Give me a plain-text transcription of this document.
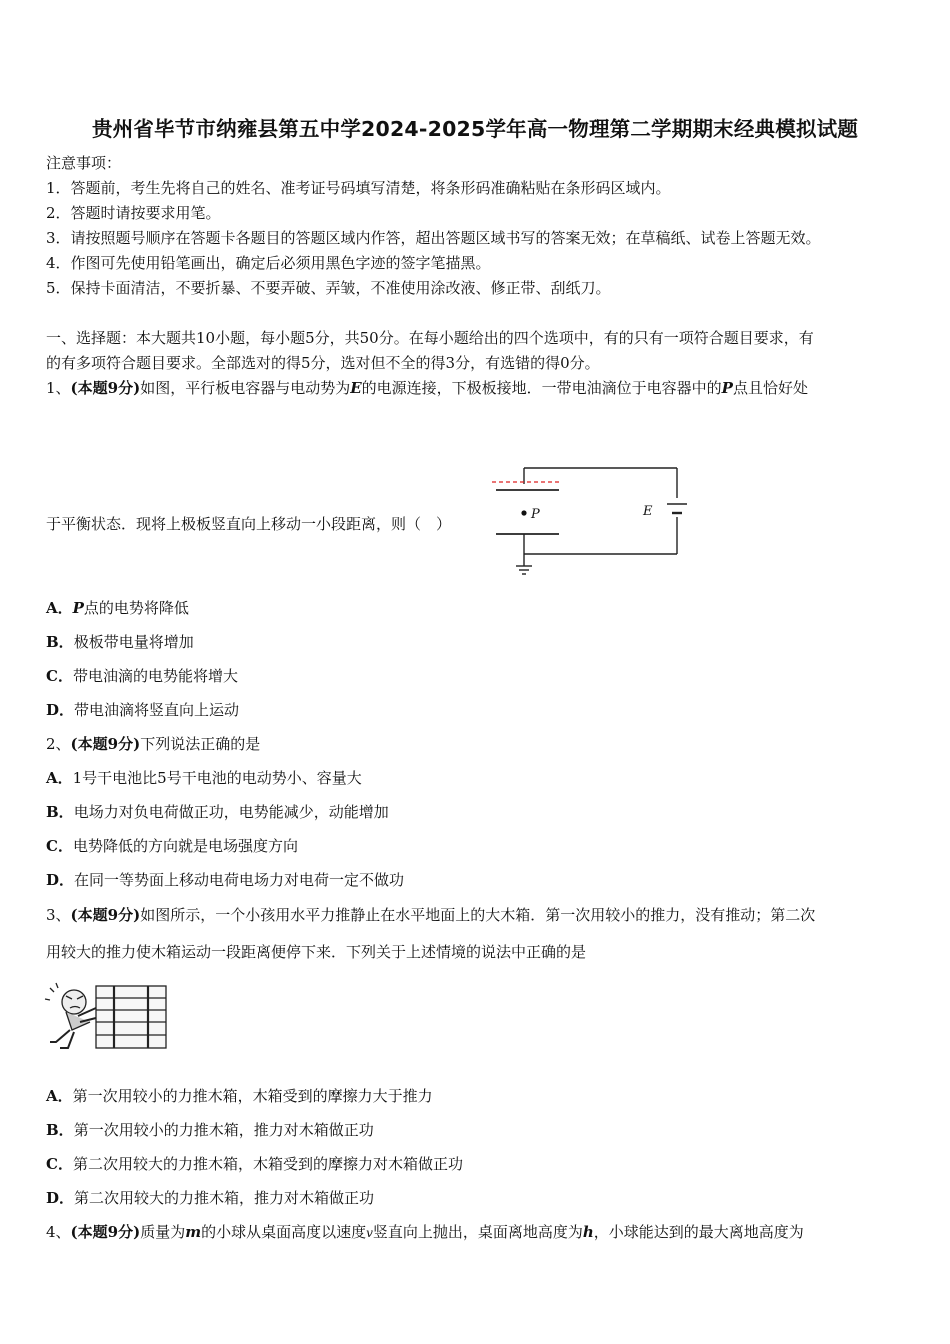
贵州省毕节市纳雍县第五中学2024-2025学年高一物理第二学期期末经典模拟试题
注意事项：
1．答题前，考生先将自己的姓名、准考证号码填写清楚，将条形码准确粘贴在条形码区域内。
2．答题时请按要求用笔。
3．请按照题号顺序在答题卡各题目的答题区域内作答，超出答题区域书写的答案无效；在草稿纸、试卷上答题无效。
4．作图可先使用铅笔画出，确定后必须用黑色字迹的签字笔描黑。
5．保持卡面清洁，不要折暴、不要弄破、弄皱，不准使用涂改液、修正带、刮纸刀。
一、选择题：本大题共10小题，每小题5分，共50分。在每小题给出的四个选项中，有的只有一项符合题目要求，有
的有多项符合题目要求。全部选对的得5分，选对但不全的得3分，有选错的得0分。
1、(本题9分)如图，平行板电容器与电动势为E的电源连接，下极板接地．一带电油滴位于电容器中的P点且恰好处
于平衡状态．现将上极板竖直向上移动一小段距离，则（　）
P	E
A．P点的电势将降低
B．极板带电量将增加
C．带电油滴的电势能将增大
D．带电油滴将竖直向上运动
2、(本题9分)下列说法正确的是
A．1号干电池比5号干电池的电动势小、容量大
B．电场力对负电荷做正功，电势能减少，动能增加
C．电势降低的方向就是电场强度方向
D．在同一等势面上移动电荷电场力对电荷一定不做功
3、(本题9分)如图所示，一个小孩用水平力推静止在水平地面上的大木箱．第一次用较小的推力，没有推动；第二次
用较大的推力使木箱运动一段距离便停下来．下列关于上述情境的说法中正确的是
A．第一次用较小的力推木箱，木箱受到的摩擦力大于推力
B．第一次用较小的力推木箱，推力对木箱做正功
C．第二次用较大的力推木箱，木箱受到的摩擦力对木箱做正功
D．第二次用较大的力推木箱，推力对木箱做正功
4、(本题9分)质量为m的小球从桌面高度以速度v竖直向上抛出，桌面离地高度为h，小球能达到的最大离地高度为
